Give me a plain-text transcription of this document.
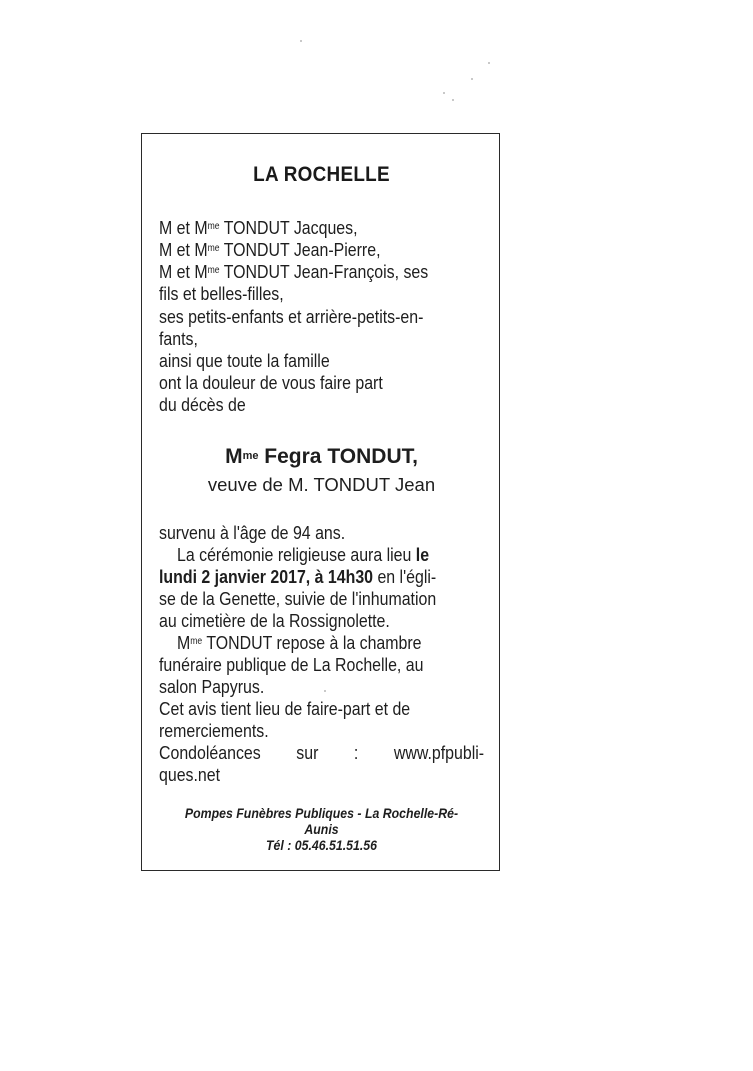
LA ROCHELLE
M et $M^{me}$ TONDUT Jacques,
M et $M^{me}$ TONDUT Jean-Pierre,
M et $M^{me}$ TONDUT Jean-François, ses
fils et belles-filles,
ses petits-enfants et arrière-petits-en-
fants,
ainsi que toute la famille
ont la douleur de vous faire part
du décès de
$M^{me}$ Fegra TONDUT,
veuve de M. TONDUT Jean
survenu à l'âge de 94 ans.
La cérémonie religieuse aura lieu le
lundi 2 janvier 2017, à 14h30 en l'égli-
se de la Genette, suivie de l'inhumation
au cimetière de la Rossignolette.
$M^{me}$ TONDUT repose à la chambre
funéraire publique de La Rochelle, au
salon Papyrus.
Cet avis tient lieu de faire-part et de
remerciements.
Condoléances sur : www.pfpubli-
ques.net
Pompes Funèbres Publiques - La Rochelle-Ré-
Aunis
Tél : 05.46.51.51.56
